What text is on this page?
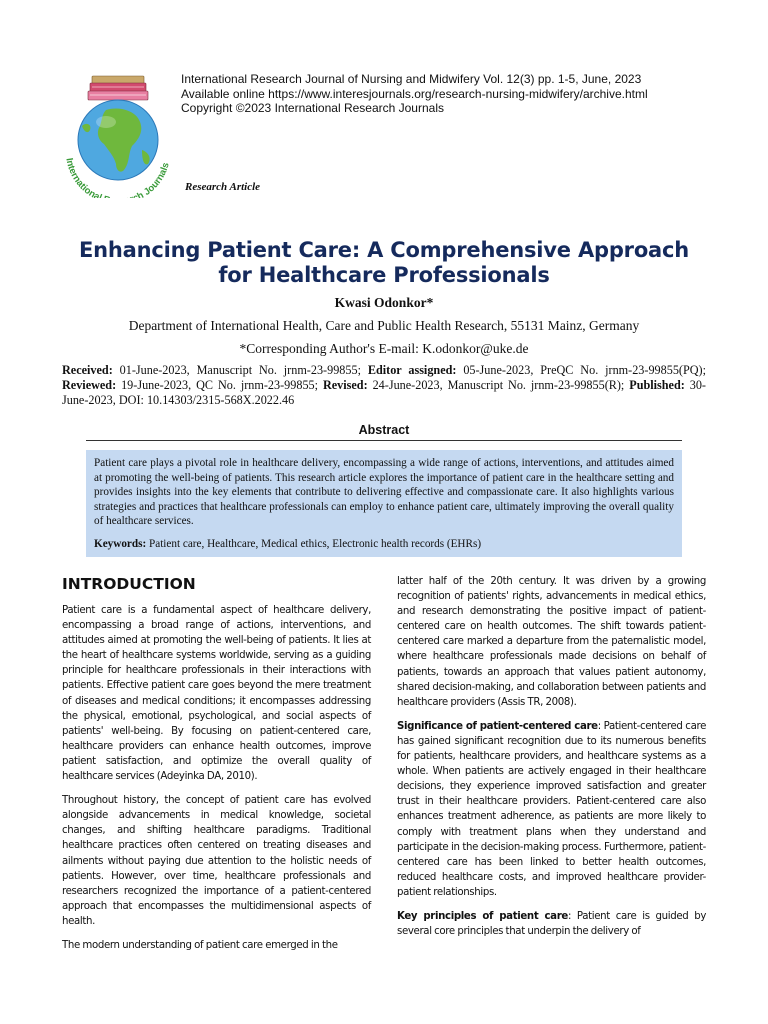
Internationa h Journals
International Research Journal of Nursing and Midwifery Vol. 12(3) pp. 1-5, June, 2023
Available online https://www.interesjournals.org/research-nursing-midwifery/archive.html
Copyright ©2023 International Research Journals
Research Article
Enhancing Patient Care: A Comprehensive Approach
for Healthcare Professionals
Kwasi Odonkor*
Department of International Health, Care and Public Health Research, 55131 Mainz, Germany
*Corresponding Author's E-mail: K.odonkor@uke.de
Received: 01-June-2023, Manuscript No. jrnm-23-99855; Editor assigned: 05-June-2023, PreQC No. jrnm-23-99855(PQ); Reviewed: 19-June-2023, QC No. jrnm-23-99855; Revised: 24-June-2023, Manuscript No. jrnm-23-99855(R); Published: 30-June-2023, DOI: 10.14303/2315-568X.2022.46
Abstract
Patient care plays a pivotal role in healthcare delivery, encompassing a wide range of actions, interventions, and attitudes aimed at promoting the well-being of patients. This research article explores the importance of patient care in the healthcare setting and provides insights into the key elements that contribute to delivering effective and compassionate care. It also highlights various strategies and practices that healthcare professionals can employ to enhance patient care, ultimately improving the overall quality of healthcare services.
Keywords: Patient care, Healthcare, Medical ethics, Electronic health records (EHRs)
INTRODUCTION

Patient care is a fundamental aspect of healthcare delivery, encompassing a broad range of actions, interventions, and attitudes aimed at promoting the well-being of patients. It lies at the heart of healthcare systems worldwide, serving as a guiding principle for healthcare professionals in their interactions with patients. Effective patient care goes beyond the mere treatment of diseases and medical conditions; it encompasses addressing the physical, emotional, psychological, and social aspects of patients' well-being. By focusing on patient-centered care, healthcare providers can enhance health outcomes, improve patient satisfaction, and optimize the overall quality of healthcare services (Adeyinka DA, 2010).

Throughout history, the concept of patient care has evolved alongside advancements in medical knowledge, societal changes, and shifting healthcare paradigms. Traditional healthcare practices often centered on treating diseases and ailments without paying due attention to the holistic needs of patients. However, over time, healthcare professionals and researchers recognized the importance of a patient-centered approach that encompasses the multidimensional aspects of health.

The modern understanding of patient care emerged in the

latter half of the 20th century. It was driven by a growing recognition of patients' rights, advancements in medical ethics, and research demonstrating the positive impact of patient-centered care on health outcomes. The shift towards patient-centered care marked a departure from the paternalistic model, where healthcare professionals made decisions on behalf of patients, towards an approach that values patient autonomy, shared decision-making, and collaboration between patients and healthcare providers (Assis TR, 2008).

Significance of patient-centered care: Patient-centered care has gained significant recognition due to its numerous benefits for patients, healthcare providers, and healthcare systems as a whole. When patients are actively engaged in their healthcare decisions, they experience improved satisfaction and greater trust in their healthcare providers. Patient-centered care also enhances treatment adherence, as patients are more likely to comply with treatment plans when they understand and participate in the decision-making process. Furthermore, patient-centered care has been linked to better health outcomes, reduced healthcare costs, and improved healthcare provider-patient relationships.

Key principles of patient care: Patient care is guided by several core principles that underpin the delivery of
